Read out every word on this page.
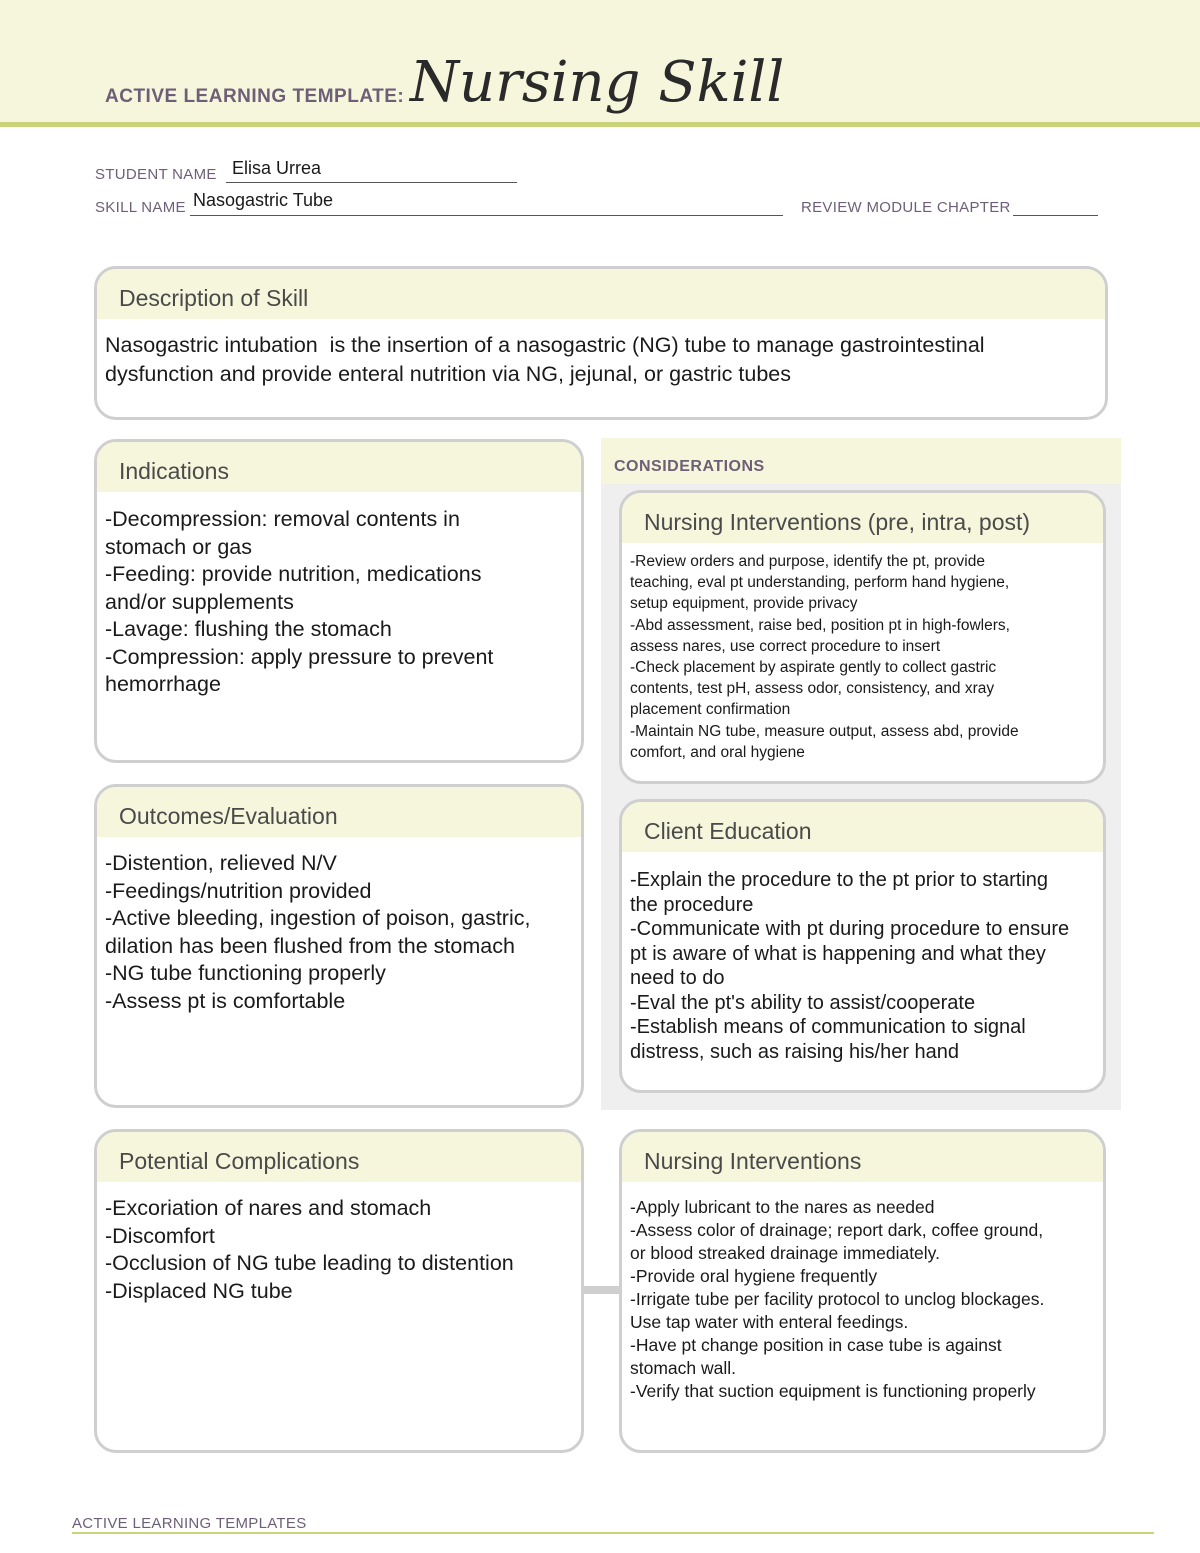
ACTIVE LEARNING TEMPLATE: Nursing Skill
STUDENT NAME Elisa Urrea
SKILL NAME Nasogastric Tube	REVIEW MODULE CHAPTER
Description of Skill
Nasogastric intubation  is the insertion of a nasogastric (NG) tube to manage gastrointestinal
dysfunction and provide enteral nutrition via NG, jejunal, or gastric tubes
CONSIDERATIONS
Indications
-Decompression: removal contents in
stomach or gas
-Feeding: provide nutrition, medications
and/or supplements
-Lavage: flushing the stomach
-Compression: apply pressure to prevent
hemorrhage
Nursing Interventions (pre, intra, post)
-Review orders and purpose, identify the pt, provide
teaching, eval pt understanding, perform hand hygiene,
setup equipment, provide privacy
-Abd assessment, raise bed, position pt in high-fowlers,
assess nares, use correct procedure to insert
-Check placement by aspirate gently to collect gastric
contents, test pH, assess odor, consistency, and xray
placement confirmation
-Maintain NG tube, measure output, assess abd, provide
comfort, and oral hygiene
Outcomes/Evaluation
-Distention, relieved N/V
-Feedings/nutrition provided
-Active bleeding, ingestion of poison, gastric,
dilation has been flushed from the stomach
-NG tube functioning properly
-Assess pt is comfortable
Client Education
-Explain the procedure to the pt prior to starting
the procedure
-Communicate with pt during procedure to ensure
pt is aware of what is happening and what they
need to do
-Eval the pt's ability to assist/cooperate
-Establish means of communication to signal
distress, such as raising his/her hand
Potential Complications
-Excoriation of nares and stomach
-Discomfort
-Occlusion of NG tube leading to distention
-Displaced NG tube
Nursing Interventions
-Apply lubricant to the nares as needed
-Assess color of drainage; report dark, coffee ground,
or blood streaked drainage immediately.
-Provide oral hygiene frequently
-Irrigate tube per facility protocol to unclog blockages.
Use tap water with enteral feedings.
-Have pt change position in case tube is against
stomach wall.
-Verify that suction equipment is functioning properly
ACTIVE LEARNING TEMPLATES
